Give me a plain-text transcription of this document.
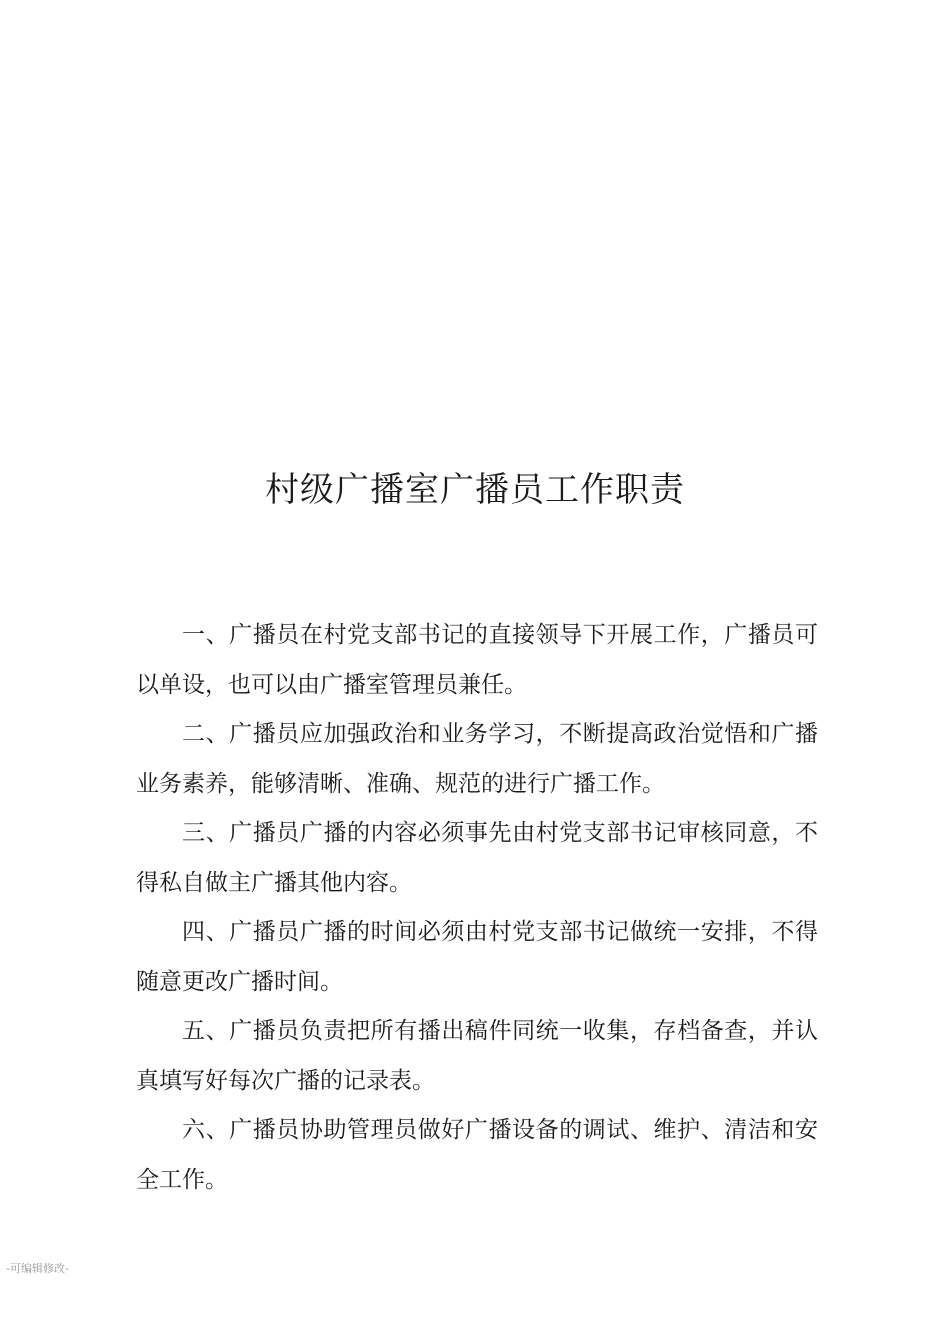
村级广播室广播员工作职责

一、广播员在村党支部书记的直接领导下开展工作，广播员可以单设，也可以由广播室管理员兼任。

二、广播员应加强政治和业务学习，不断提高政治觉悟和广播业务素养，能够清晰、准确、规范的进行广播工作。

三、广播员广播的内容必须事先由村党支部书记审核同意，不得私自做主广播其他内容。

四、广播员广播的时间必须由村党支部书记做统一安排，不得随意更改广播时间。

五、广播员负责把所有播出稿件同统一收集，存档备查，并认真填写好每次广播的记录表。

六、广播员协助管理员做好广播设备的调试、维护、清洁和安全工作。

-可编辑修改-
